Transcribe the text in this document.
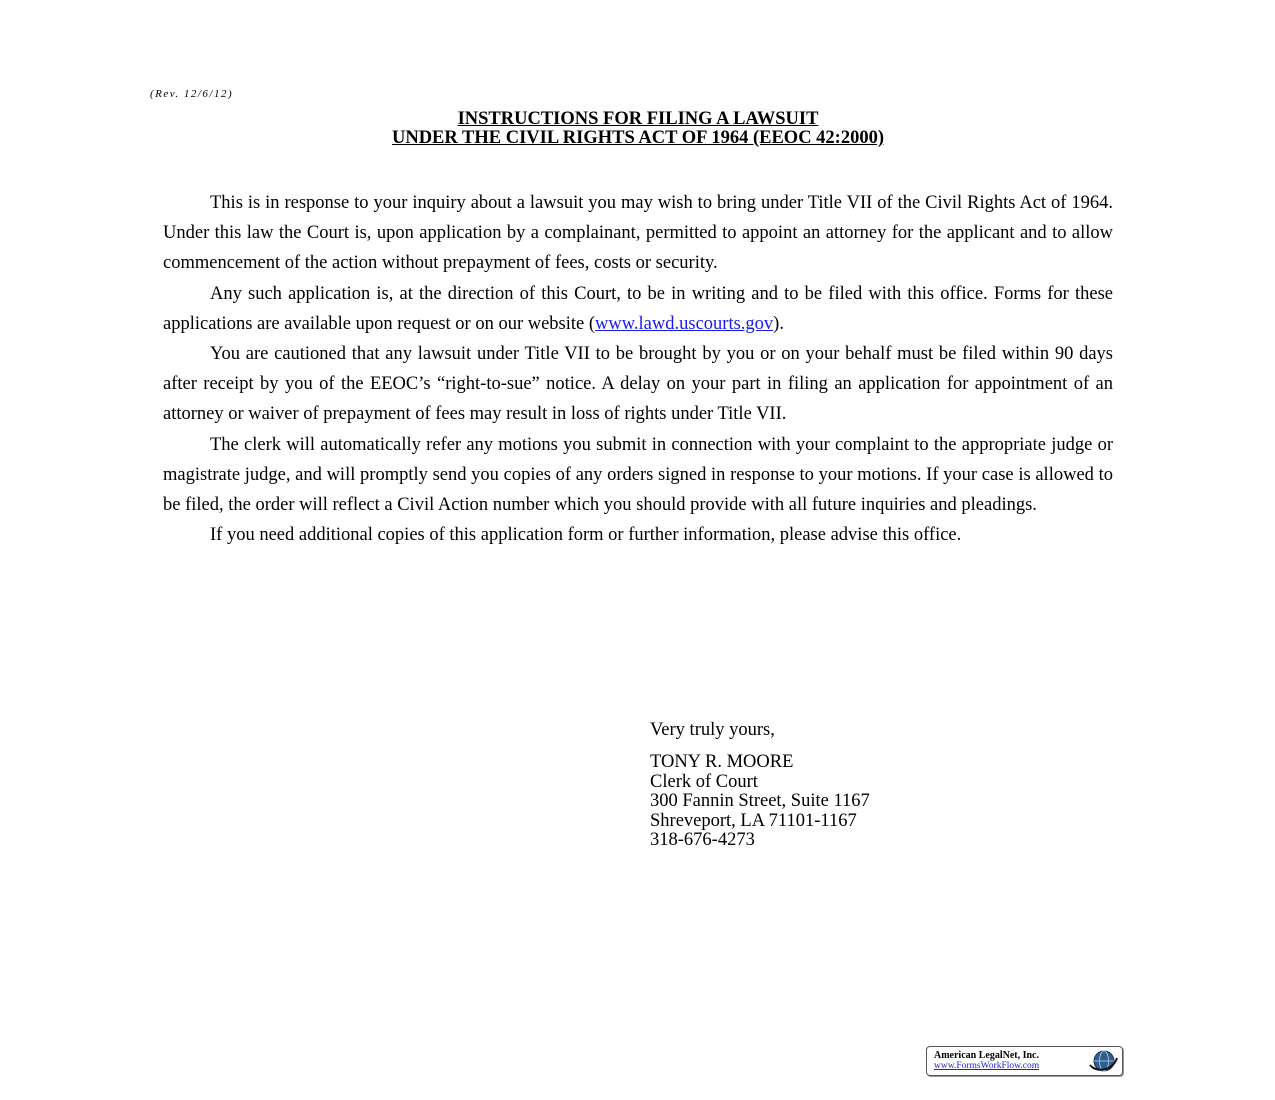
(Rev. 12/6/12)
INSTRUCTIONS FOR FILING A LAWSUIT
UNDER THE CIVIL RIGHTS ACT OF 1964 (EEOC 42:2000)

This is in response to your inquiry about a lawsuit you may wish to bring under Title VII of the Civil Rights Act of 1964. Under this law the Court is, upon application by a complainant, permitted to appoint an attorney for the applicant and to allow commencement of the action without prepayment of fees, costs or security.

Any such application is, at the direction of this Court, to be in writing and to be filed with this office. Forms for these applications are available upon request or on our website (www.lawd.uscourts.gov).

You are cautioned that any lawsuit under Title VII to be brought by you or on your behalf must be filed within 90 days after receipt by you of the EEOC’s “right-to-sue” notice. A delay on your part in filing an application for appointment of an attorney or waiver of prepayment of fees may result in loss of rights under Title VII.

The clerk will automatically refer any motions you submit in connection with your complaint to the appropriate judge or magistrate judge, and will promptly send you copies of any orders signed in response to your motions. If your case is allowed to be filed, the order will reflect a Civil Action number which you should provide with all future inquiries and pleadings.

If you need additional copies of this application form or further information, please advise this office.

Very truly yours,
TONY R. MOORE
Clerk of Court
300 Fannin Street, Suite 1167
Shreveport, LA 71101-1167
318-676-4273
American LegalNet, Inc.
www.FormsWorkFlow.com
